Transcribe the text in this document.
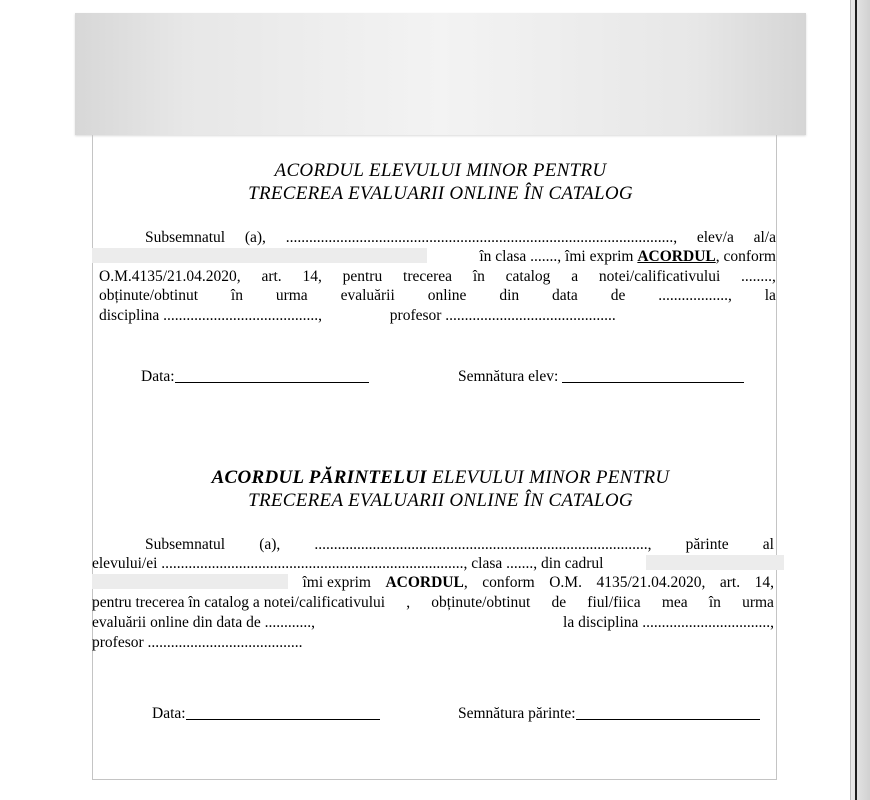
ACORDUL ELEVULUI MINOR PENTRU
TRECEREA EVALUARII ONLINE ÎN CATALOG
Subsemnatul (a), ...................................................................................................., elev/a al/a
în clasa ......., îmi exprim ACORDUL, conform
O.M.4135/21.04.2020, art. 14, pentru trecerea în catalog a notei/calificativului ........,
obținute/obtinut în urma evaluării online din data de .................., la
disciplina ........................................,	profesor ............................................
Data:	Semnătura elev:
ACORDUL PĂRINTELUI ELEVULUI MINOR PENTRU
TRECEREA EVALUARII ONLINE ÎN CATALOG
Subsemnatul (a), ......................................................................................, părinte al
elevului/ei .............................................................................., clasa ......., din cadrul
îmi exprim ACORDUL, conform O.M. 4135/21.04.2020, art. 14,
pentru trecerea în catalog a notei/calificativului , obținute/obtinut de fiul/fiica mea în urma
evaluării online din data de ............,	la disciplina .................................,
profesor ........................................
Data:	Semnătura părinte:
